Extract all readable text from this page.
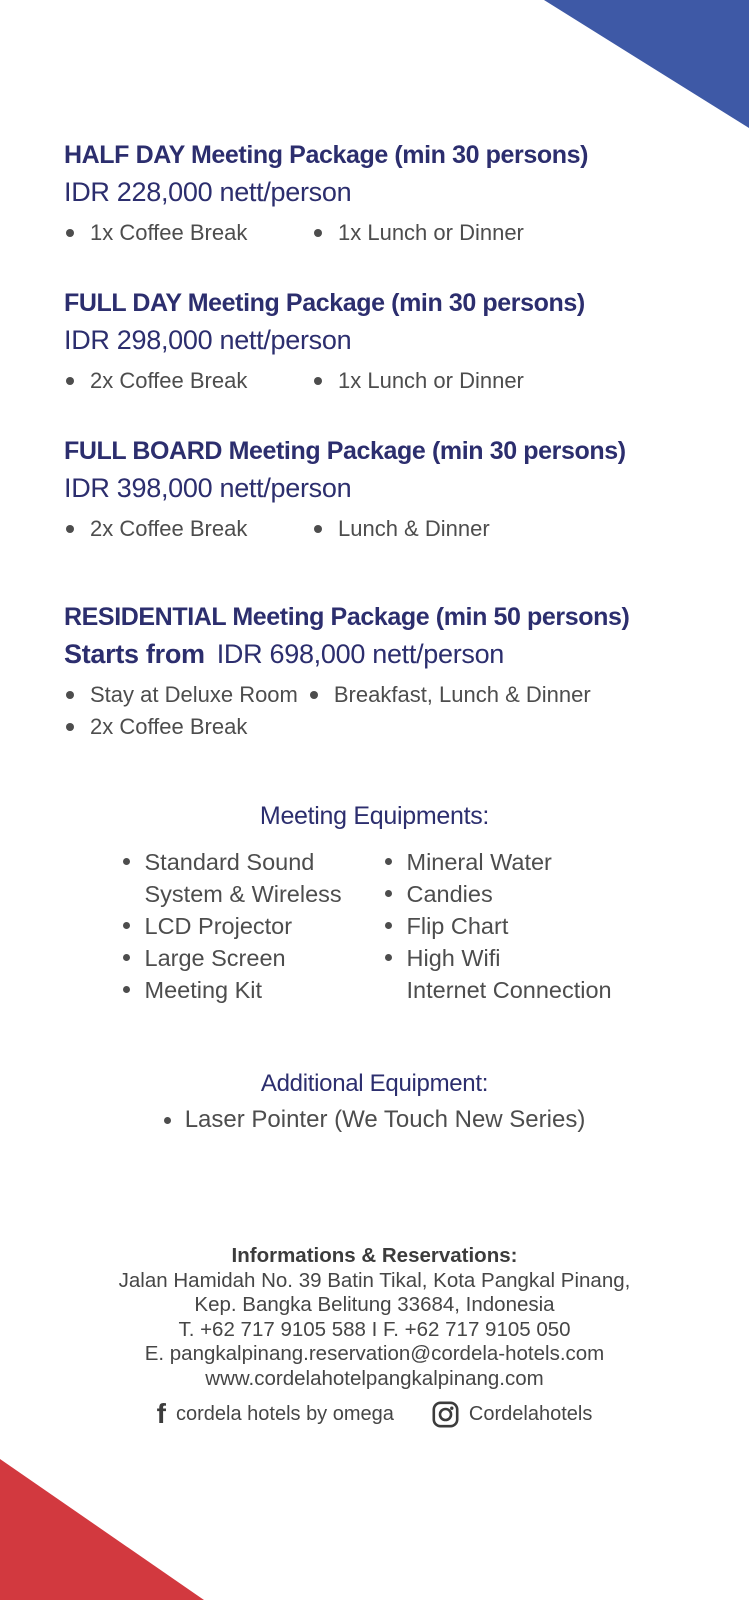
HALF DAY Meeting Package (min 30 persons)
IDR 228,000 nett/person
1x Coffee Break	1x Lunch or Dinner
FULL DAY Meeting Package (min 30 persons)
IDR 298,000 nett/person
2x Coffee Break	1x Lunch or Dinner
FULL BOARD Meeting Package (min 30 persons)
IDR 398,000 nett/person
2x Coffee Break	Lunch & Dinner
RESIDENTIAL Meeting Package (min 50 persons)
Starts from IDR 698,000 nett/person
Stay at Deluxe Room Breakfast, Lunch & Dinner
2x Coffee Break
Meeting Equipments:
Standard Sound
System & Wireless
LCD Projector
Large Screen
Meeting Kit
Mineral Water
Candies
Flip Chart
High Wifi
Internet Connection
Additional Equipment:
Laser Pointer (We Touch New Series)
Informations & Reservations:
Jalan Hamidah No. 39 Batin Tikal, Kota Pangkal Pinang,
Kep. Bangka Belitung 33684, Indonesia
T. +62 717 9105 588 I F. +62 717 9105 050
E. pangkalpinang.reservation@cordela-hotels.com
www.cordelahotelpangkalpinang.com
f cordela hotels by omega	Cordelahotels
